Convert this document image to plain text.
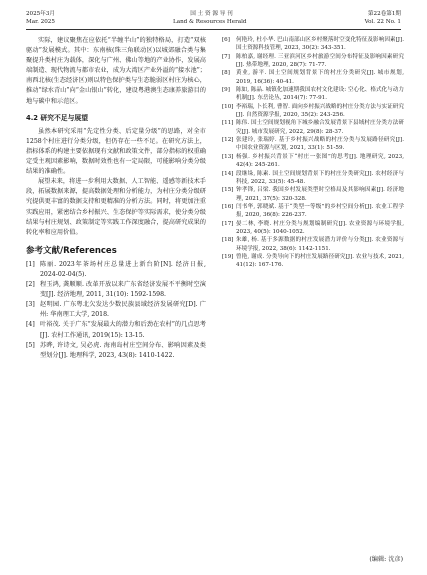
2025年3月	国 土 资 源 导 刊	第22卷第1期
Mar. 2025	Land & Resources Herald	Vol. 22 No. 1

实际，建议聚焦在应依托“半缠半山”的独特格局，打造“双核驱动”发展模式。其中：东南核(珠三角联动区)以城郊融合类与集聚提升类村庄为载体，深化与广州、佛山等地的产业协作，发展高端制造、现代物流与都市农业，成为大湾区产业外溢的“接水池”；南西北核(生态经济区)则以特色保护类与生态脆弱区村庄为核心，推动“绿水青山”向“金山银山”转化，建设粤港澳生态康养旅游目的地与碳中和示范区。

4.2 研究不足与展望

虽然本研究采用“先定性分类、后定量分级”的思路，对全市1258个村庄进行分类分级，但仍存在一些不足。在研究方法上，指标体系的构建主要依据现有文献和政策文件，部分指标的权重确定受主观因素影响，数据时效性也有一定局限，可能影响分类分级结果的准确性。

展望未来，将进一步利用大数据、人工智能、遥感等新技术手段，拓展数据来源，提高数据处理和分析能力，为村庄分类分级研究提供更丰富的数据支持和更精准的分析方法。同时，将更加注重实践应用，紧密结合乡村振兴、生态保护等实际需求，使分类分级结果与村庄规划、政策制定等实践工作深度融合，提高研究成果的转化率和应用价值。

参考文献/References
[1] 陈丽. 2023年茶场村庄总量进上新台阶[N]. 经济日报, 2024-02-04(5).
[2] 程玉鸿, 龚顺顺. 改革开放以来广东省经济发展不平衡时空演变[J]. 经济地理, 2011, 31(10): 1592-1598.
[3] 赵明园. 广东粤北欠发达少数民族县域经济发展研究[D]. 广州: 华南理工大学, 2018.
[4] 叶裕茂. 关于广东“发展最大的潜力和后劲在农村”的几点思考[J]. 农村工作通讯, 2019(15): 13-15.
[5] 苏晔, 许诗文, 吴必虎. 海南岛村庄空间分布、影响因素及类型划分[J]. 地理科学, 2023, 43(8): 1410-1422.
[6]	何艳玲, 杜小华. 巴山南部山区乡村聚落时空变化特征及影响因素[J]. 国土资源科技管理, 2023, 30(2): 343-351.
[7]	陈柏嘉, 谢经理. 三亚滨河区乡村旅游空间分布特征及影响因素研究[J]. 热带地理, 2020, 28(7): 71-77.
[8]	黄业, 游平. 国土空间规划背景下的村庄分类研究[J]. 城市规划, 2019, 16(36): 40-41.
[9]	陈如, 陈晶. 城镇化加速期我国农村文化建设: 空心化、格式化与动力机制[J]. 东岳论丛, 2014(7): 77-91.
[10] 李裕瑞, 卜长利, 曹智. 面向乡村振兴战略的村庄分类方法与实证研究[J]. 自然资源学报, 2020, 35(2): 243-256.
[11] 陈伟. 国土空间规划视角下城乡融合发展背景下县域村庄分类方法研究[J]. 城市发展研究, 2022, 29(8): 28-37.
[12] 张建玲, 张瑞婷. 基于乡村振兴战略的村庄分类与发展路径研究[J]. 中国农业资源与区划, 2021, 33(1): 51-59.
[13] 杨强. 乡村振兴背景下“村庄一张图”的思考[J]. 地理研究, 2023, 42(4): 245-261.
[14] 段继垛, 陈素. 国土空间规划背景下的村庄分类研究[J]. 农村经济与科技, 2022, 33(5): 45-48.
[15] 钟孝锋, 吕梁. 我国乡村发展类型时空格局及其影响因素[J]. 经济地理, 2021, 37(5): 320-328.
[16] 闫书华, 郭晓斌. 基于“类型一等级”的乡村空间分析[J]. 农业工程学报, 2020, 36(8): 226-237.
[17] 晏二林, 李晓. 村庄分类与规划编制研究[J]. 农业资源与环境学报, 2023, 40(5): 1040-1052.
[18] 朱雄, 杨. 基于多源数据的村庄发展潜力评价与分类[J]. 农业资源与环境学报, 2022, 38(6): 1142-1151.
[19] 曾艳, 谢成. 分类导向下的村庄发展路径研究[J]. 农业与技术, 2021, 41(12): 167-176.
(编辑: 沈彦)
